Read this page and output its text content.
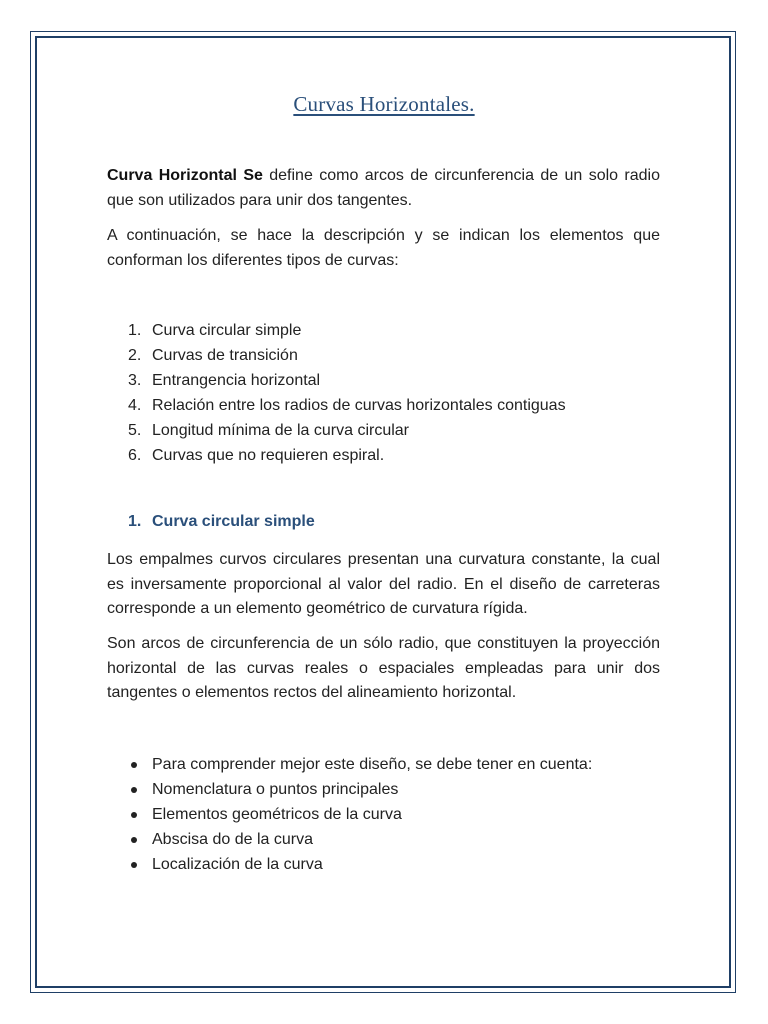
Curvas Horizontales.

Curva Horizontal Se define como arcos de circunferencia de un solo radio que son utilizados para unir dos tangentes.

A continuación, se hace la descripción y se indican los elementos que conforman los diferentes tipos de curvas:

1. Curva circular simple
2. Curvas de transición
3. Entrangencia horizontal
4. Relación entre los radios de curvas horizontales contiguas
5. Longitud mínima de la curva circular
6. Curvas que no requieren espiral.
1. Curva circular simple

Los empalmes curvos circulares presentan una curvatura constante, la cual es inversamente proporcional al valor del radio. En el diseño de carreteras corresponde a un elemento geométrico de curvatura rígida.

Son arcos de circunferencia de un sólo radio, que constituyen la proyección horizontal de las curvas reales o espaciales empleadas para unir dos tangentes o elementos rectos del alineamiento horizontal.

Para comprender mejor este diseño, se debe tener en cuenta:
Nomenclatura o puntos principales
Elementos geométricos de la curva
Abscisa do de la curva
Localización de la curva
